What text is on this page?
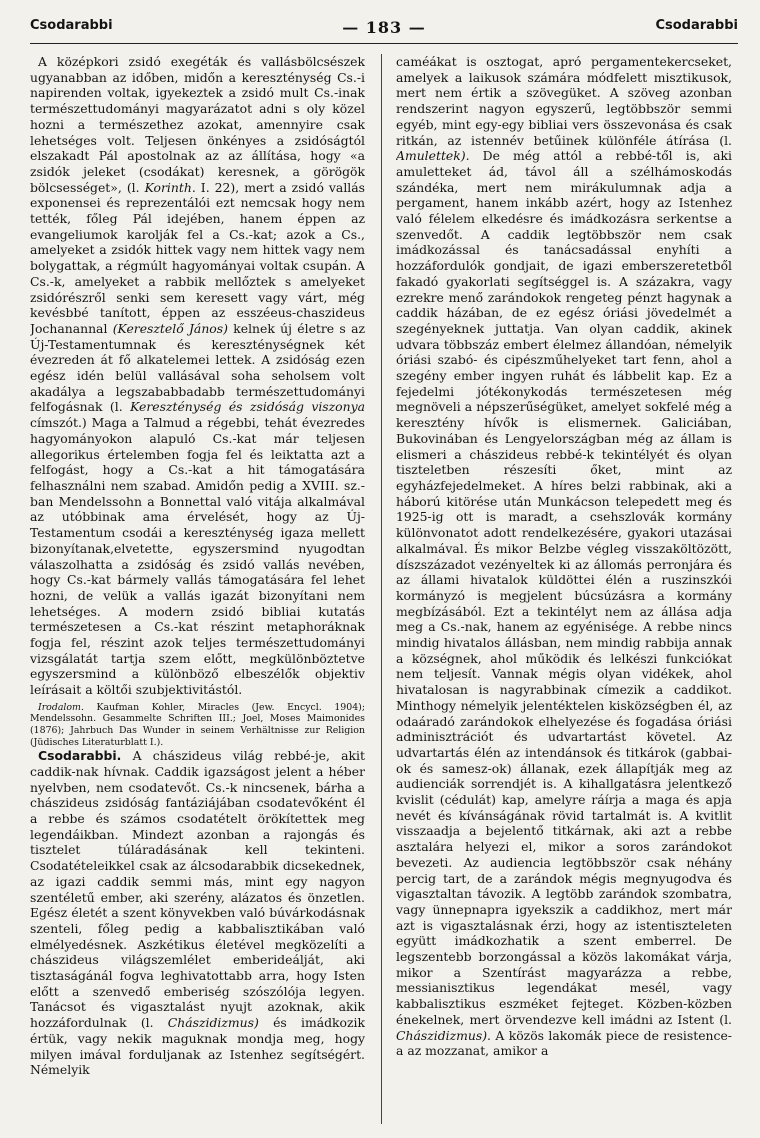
Csodarabbi	— 183 —	Csodarabbi

A középkori zsidó exegéták és vallásbölcsészek ugyanabban az időben, midőn a kereszténység Cs.-i napirenden voltak, igyekeztek a zsidó mult Cs.-inak természettudományi magyarázatot adni s oly közel hozni a természethez azokat, amennyire csak lehetséges volt. Teljesen önkényes a zsidóságtól elszakadt Pál apostolnak az az állítása, hogy «a zsidók jeleket (csodákat) keresnek, a görögök bölcsességet», (l. Korinth. I. 22), mert a zsidó vallás exponensei és reprezentálói ezt nemcsak hogy nem tették, főleg Pál idejében, hanem éppen az evangeliumok karolják fel a Cs.-kat; azok a Cs., amelyeket a zsidók hittek vagy nem hittek vagy nem bolygattak, a régmúlt hagyományai voltak csupán. A Cs.-k, amelyeket a rabbik mellőztek s amelyeket zsidórészről senki sem keresett vagy várt, még kevésbbé tanított, éppen az esszéeus-chaszideus Jochanannal (Keresztelő János) kelnek új életre s az Új-Testamentumnak és kereszténységnek két évezreden át fő alkatelemei lettek. A zsidóság ezen egész idén belül vallásával soha seholsem volt akadálya a legszababbadabb természettudományi felfogásnak (l. Kereszténység és zsidóság viszonya címszót.) Maga a Talmud a régebbi, tehát évezredes hagyományokon alapuló Cs.-kat már teljesen allegorikus értelemben fogja fel és leiktatta azt a felfogást, hogy a Cs.-kat a hit támogatására felhasználni nem szabad. Amidőn pedig a XVIII. sz.-ban Mendelssohn a Bonnettal való vitája alkalmával az utóbbinak ama érvelését, hogy az Új-Testamentum csodái a kereszténység igaza mellett bizonyítanak,elvetette, egyszersmind nyugodtan válaszolhatta a zsidóság és zsidó vallás nevében, hogy Cs.-kat bármely vallás támogatására fel lehet hozni, de velük a vallás igazát bizonyítani nem lehetséges. A modern zsidó bibliai kutatás természetesen a Cs.-kat részint metaphoráknak fogja fel, részint azok teljes természettudományi vizsgálatát tartja szem előtt, megkülönböztetve egyszersmind a különböző elbeszélők objektiv leírásait a költői szubjektivitástól.

Irodalom. Kaufman Kohler, Miracles (Jew. Encycl. 1904); Mendelssohn. Gesammelte Schriften III.; Joel, Moses Maimonides (1876); Jahrbuch Das Wunder in seinem Verhältnisse zur Religion (Jüdisches Literaturblatt I.).

Csodarabbi. A chászideus világ rebbé-je, akit caddik-nak hívnak. Caddik igazságost jelent a héber nyelvben, nem csodatevőt. Cs.-k nincsenek, bárha a chászideus zsidóság fantáziájában csodatevőként él a rebbe és számos csodatételt örökítettek meg legendáikban. Mindezt azonban a rajongás és tisztelet túláradásának kell tekinteni. Csodatételeikkel csak az álcsodarabbik dicsekednek, az igazi caddik semmi más, mint egy nagyon szentéletű ember, aki szerény, alázatos és önzetlen. Egész életét a szent könyvekben való búvárkodásnak szenteli, főleg pedig a kabbalisztikában való elmélyedésnek. Aszkétikus életével megközelíti a chászideus világszemlélet emberideálját, aki tisztaságánál fogva leghivatottabb arra, hogy Isten előtt a szenvedő emberiség szószólója legyen. Tanácsot és vigasztalást nyujt azoknak, akik hozzáfordulnak (l. Chászidizmus) és imádkozik értük, vagy nekik maguknak mondja meg, hogy milyen imával forduljanak az Istenhez segítségért. Némelyik

caméákat is osztogat, apró pergamentekercseket, amelyek a laikusok számára módfelett misztikusok, mert nem értik a szövegüket. A szöveg azonban rendszerint nagyon egyszerű, legtöbbször semmi egyéb, mint egy-egy bibliai vers összevonása és csak ritkán, az istennév betűinek különféle átírása (l. Amulettek). De még attól a rebbé-től is, aki amuletteket ád, távol áll a szélhámoskodás szándéka, mert nem mirákulumnak adja a pergament, hanem inkább azért, hogy az Istenhez való félelem elkedésre és imádkozásra serkentse a szenvedőt. A caddik legtöbbször nem csak imádkozással és tanácsadással enyhíti a hozzáfordulók gondjait, de igazi emberszeretetből fakadó gyakorlati segítséggel is. A százakra, vagy ezrekre menő zarándokok rengeteg pénzt hagynak a caddik házában, de ez egész óriási jövedelmét a szegényeknek juttatja. Van olyan caddik, akinek udvara többszáz embert élelmez állandóan, némelyik óriási szabó- és cipészműhelyeket tart fenn, ahol a szegény ember ingyen ruhát és lábbelit kap. Ez a fejedelmi jótékonykodás természetesen még megnöveli a népszerűségüket, amelyet sokfelé még a keresztény hívők is elismernek. Galiciában, Bukovinában és Lengyelországban még az állam is elismeri a chászideus rebbé-k tekintélyét és olyan tiszteletben részesíti őket, mint az egyházfejedelmeket. A híres belzi rabbinak, aki a háború kitörése után Munkácson telepedett meg és 1925-ig ott is maradt, a csehszlovák kormány különvonatot adott rendelkezésére, gyakori utazásai alkalmával. És mikor Belzbe végleg visszaköltözött, díszszázadot vezényeltek ki az állomás perronjára és az állami hivatalok küldöttei élén a ruszinszkói kormányzó is megjelent búcsúzásra a kormány megbízásából. Ezt a tekintélyt nem az állása adja meg a Cs.-nak, hanem az egyénisége. A rebbe nincs mindig hivatalos állásban, nem mindig rabbija annak a községnek, ahol működik és lelkészi funkciókat nem teljesít. Vannak mégis olyan vidékek, ahol hivatalosan is nagyrabbinak címezik a caddikot. Minthogy némelyik jelentéktelen kisközségben él, az odaáradó zarándokok elhelyezése és fogadása óriási adminisztrációt és udvartartást követel. Az udvartartás élén az intendánsok és titkárok (gabbai-ok és samesz-ok) állanak, ezek állapítják meg az audienciák sorrendjét is. A kihallgatásra jelentkező kvislit (cédulát) kap, amelyre ráírja a maga és apja nevét és kívánságának rövid tartalmát is. A kvitlit visszaadja a bejelentő titkárnak, aki azt a rebbe asztalára helyezi el, mikor a soros zarándokot bevezeti. Az audiencia legtöbbször csak néhány percig tart, de a zarándok mégis megnyugodva és vigasztaltan távozik. A legtöbb zarándok szombatra, vagy ünnepnapra igyekszik a caddikhoz, mert már azt is vigasztalásnak érzi, hogy az istentiszteleten együtt imádkozhatik a szent emberrel. De legszentebb borzongással a közös lakomákat várja, mikor a Szentírást magyarázza a rebbe, messianisztikus legendákat mesél, vagy kabbalisztikus eszméket fejteget. Közben-közben énekelnek, mert örvendezve kell imádni az Istent (l. Chászidizmus). A közös lakomák piece de resistence-a az mozzanat, amikor a
